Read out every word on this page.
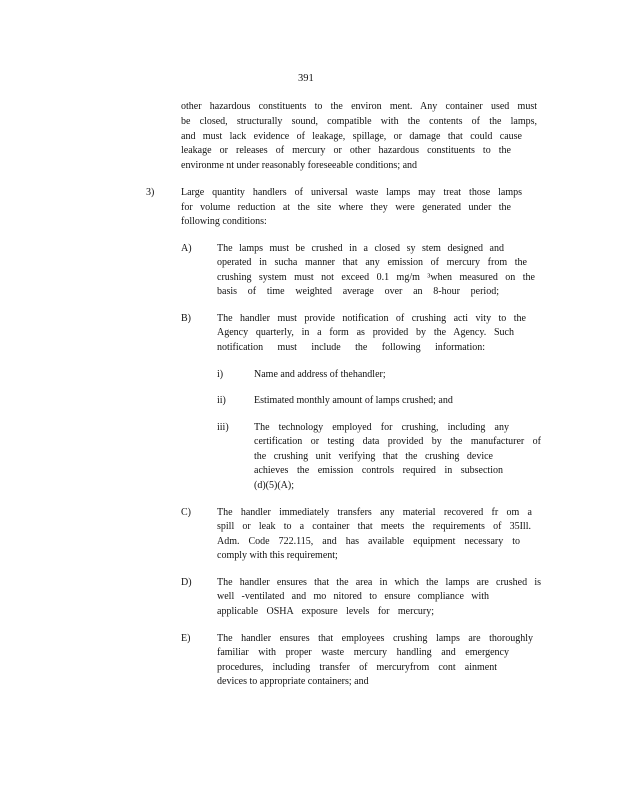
391
other hazardous constituents to the environ ment. Any container used must
be closed, structurally sound, compatible with the contents of the lamps,
and must lack evidence of leakage, spillage, or damage that could cause
leakage or releases of mercury or other hazardous constituents to the
environme nt under reasonably foreseeable conditions; and
3)	Large quantity handlers of universal waste lamps may treat those lamps
for volume reduction at the site where they were generated under the
following conditions:
A)	The lamps must be crushed in a closed sy stem designed and
operated in sucha manner that any emission of mercury from the
crushing system must not exceed 0.1 mg/m ³when measured on the
basis of time weighted average over an 8-hour period;
B)	The handler must provide notification of crushing acti vity to the
Agency quarterly, in a form as provided by the Agency. Such
notification must include the following information:
i)	Name and address of thehandler;
ii)	Estimated monthly amount of lamps crushed; and
iii)	The technology employed for crushing, including any
certification or testing data provided by the manufacturer of
the crushing unit verifying that the crushing device
achieves the emission controls required in subsection
(d)(5)(A);
C)	The handler immediately transfers any material recovered fr om a
spill or leak to a container that meets the requirements of 35Ill.
Adm. Code 722.115, and has available equipment necessary to
comply with this requirement;
D)	The handler ensures that the area in which the lamps are crushed is
well -ventilated and mo nitored to ensure compliance with
applicable OSHA exposure levels for mercury;
E)	The handler ensures that employees crushing lamps are thoroughly
familiar with proper waste mercury handling and emergency
procedures, including transfer of mercuryfrom cont ainment
devices to appropriate containers; and
